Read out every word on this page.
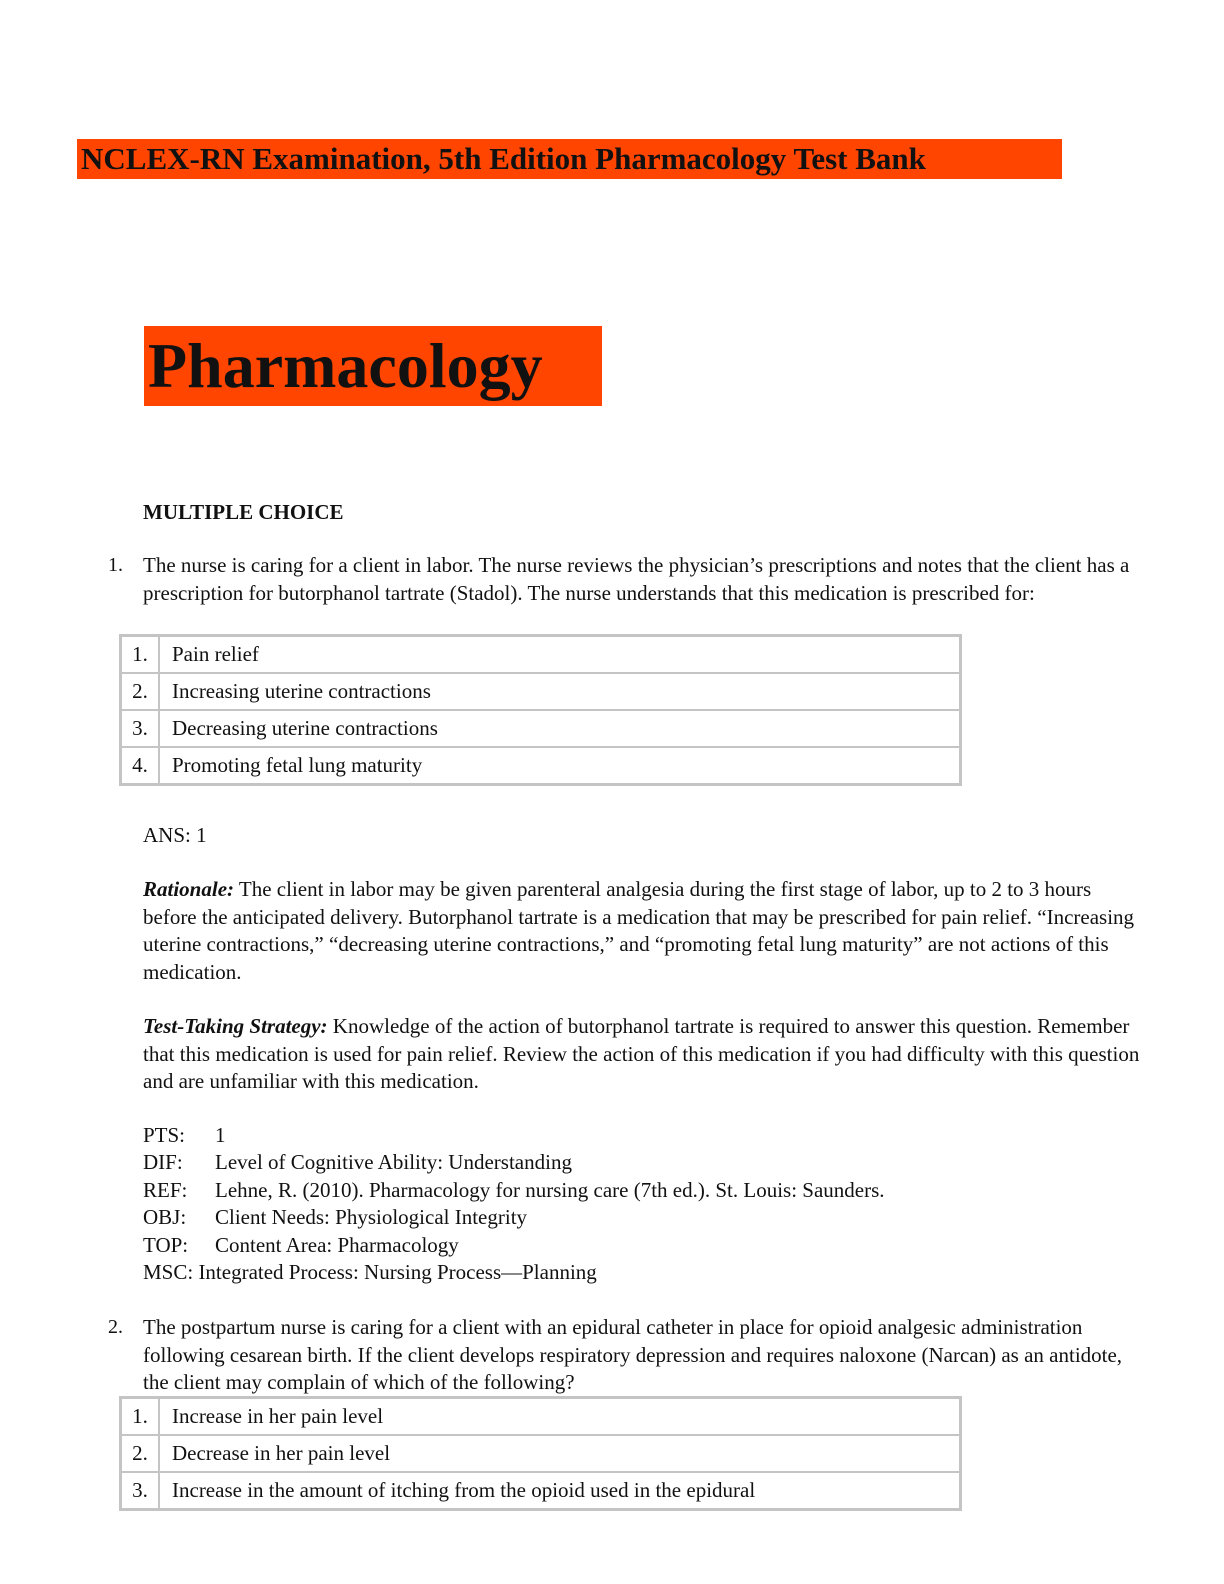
NCLEX-RN Examination, 5th Edition Pharmacology Test Bank
Pharmacology
MULTIPLE CHOICE
1. The nurse is caring for a client in labor. The nurse reviews the physician’s prescriptions and notes that the client has a prescription for butorphanol tartrate (Stadol). The nurse understands that this medication is prescribed for:
1.	Pain relief
2.	Increasing uterine contractions
3.	Decreasing uterine contractions
4.	Promoting fetal lung maturity
ANS: 1
Rationale: The client in labor may be given parenteral analgesia during the first stage of labor, up to 2 to 3 hours before the anticipated delivery. Butorphanol tartrate is a medication that may be prescribed for pain relief. “Increasing uterine contractions,” “decreasing uterine contractions,” and “promoting fetal lung maturity” are not actions of this medication.
Test-Taking Strategy: Knowledge of the action of butorphanol tartrate is required to answer this question. Remember that this medication is used for pain relief. Review the action of this medication if you had difficulty with this question and are unfamiliar with this medication.
PTS:	1
DIF:	Level of Cognitive Ability: Understanding
REF:	Lehne, R. (2010). Pharmacology for nursing care (7th ed.). St. Louis: Saunders.
OBJ:	Client Needs: Physiological Integrity
TOP:	Content Area: Pharmacology
MSC: Integrated Process: Nursing Process—Planning
2. The postpartum nurse is caring for a client with an epidural catheter in place for opioid analgesic administration following cesarean birth. If the client develops respiratory depression and requires naloxone (Narcan) as an antidote, the client may complain of which of the following?
1.	Increase in her pain level
2.	Decrease in her pain level
3.	Increase in the amount of itching from the opioid used in the epidural
